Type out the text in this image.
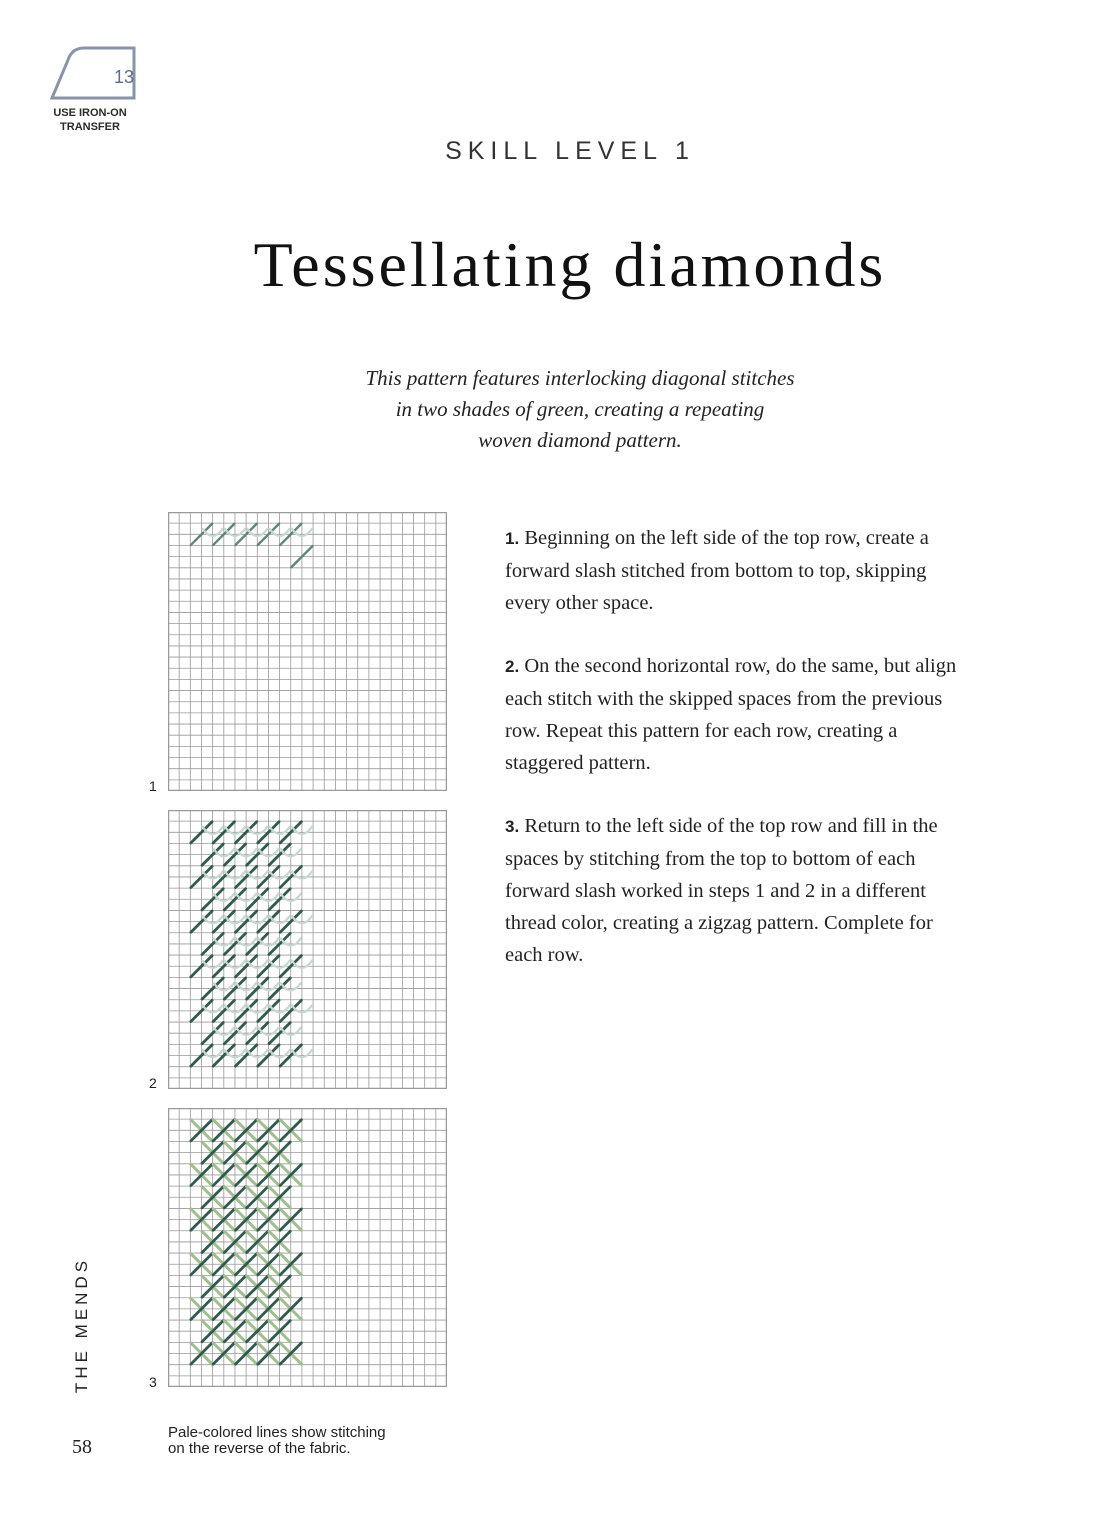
13
USE IRON-ON
TRANSFER
SKILL LEVEL 1
Tessellating diamonds
This pattern features interlocking diagonal stitches
in two shades of green, creating a repeating
woven diamond pattern.
1
2
3

1. Beginning on the left side of the top row, create a forward slash stitched from bottom to top, skipping every other space.

2. On the second horizontal row, do the same, but align each stitch with the skipped spaces from the previous row. Repeat this pattern for each row, creating a staggered pattern.

3. Return to the left side of the top row and fill in the spaces by stitching from the top to bottom of each forward slash worked in steps 1 and 2 in a different thread color, creating a zigzag pattern. Complete for each row.

Pale-colored lines show stitching
on the reverse of the fabric.
THE MENDS
58
